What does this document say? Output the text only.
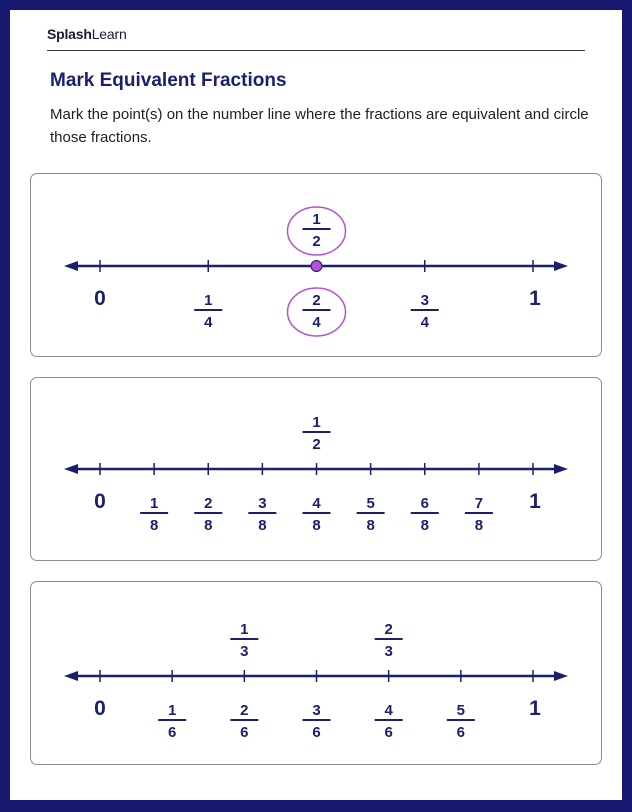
SplashLearn
Mark Equivalent Fractions
Mark the point(s) on the number line where the fractions are equivalent and circle those fractions.
0	1
1
4
2
4
3
4
1
2
0	1
1
8
2
8
3
8
4
8
5
8
6
8
7
8
1
2
0	1
1
6
2
6
3
6
4
6
5
6
1
3
2
3
